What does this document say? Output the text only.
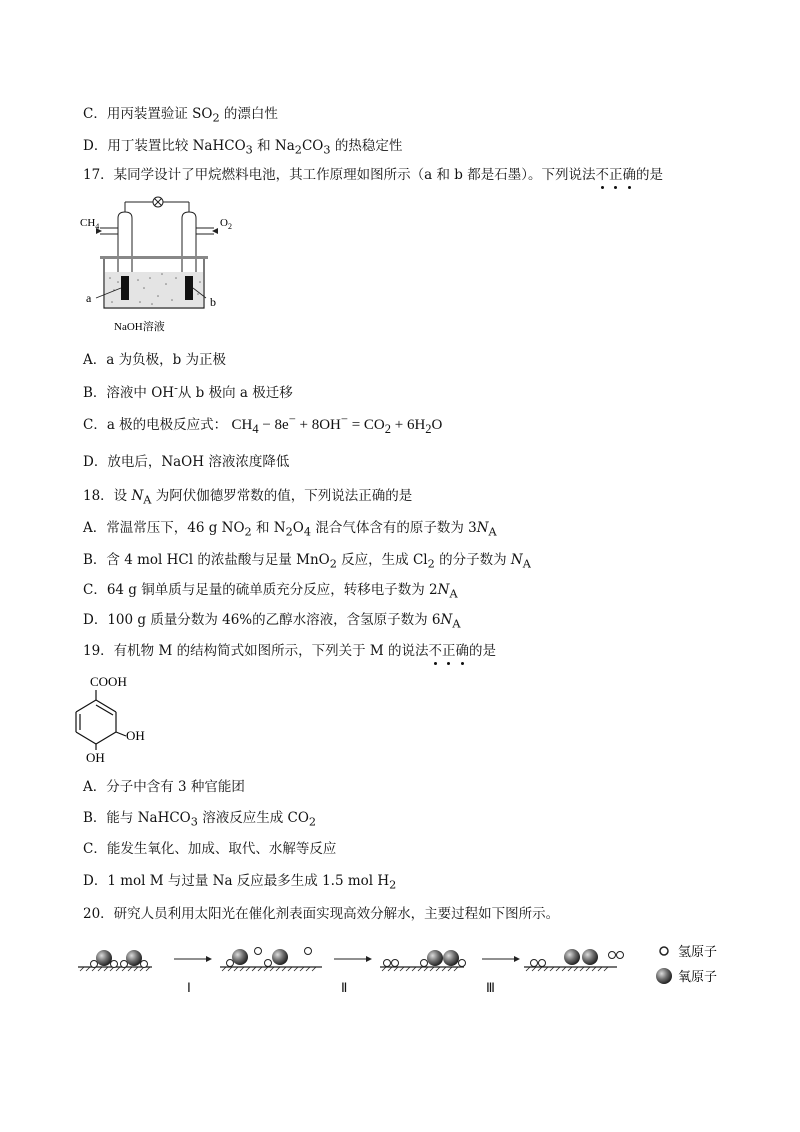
C．用丙装置验证 $SO_2$ 的漂白性
D．用丁装置比较 NaHCO$_3$ 和 $Na_2CO_3$ 的热稳定性
17．某同学设计了甲烷燃料电池，其工作原理如图所示（a 和 b 都是石墨）。下列说法不正确的是
$CH_4$	$O_2$
a	b
NaOH溶液
A．a 为负极，b 为正极
B．溶液中 OH-从 b 极向 a 极迁移
C．a 极的电极反应式： $CH_4 - 8e^- + 8OH^- = CO_2 + 6H_2O$
D．放电后，NaOH 溶液浓度降低
18．设 $N_A$ 为阿伏伽德罗常数的值，下列说法正确的是
A．常温常压下，46 g $NO_2$ 和 $N_2O_4$ 混合气体含有的原子数为 $3N_A$
B．含 4 mol HCl 的浓盐酸与足量 MnO$_2$ 反应，生成 $Cl_2$ 的分子数为 $N_A$
C．64 g 铜单质与足量的硫单质充分反应，转移电子数为 $2N_A$
D．100 g 质量分数为 46%的乙醇水溶液，含氢原子数为 $6N_A$
19．有机物 M 的结构简式如图所示，下列关于 M 的说法不正确的是
COOH
OH
OH
A．分子中含有 3 种官能团
B．能与 NaHCO$_3$ 溶液反应生成 $CO_2$
C．能发生氧化、加成、取代、水解等反应
D．1 mol M 与过量 Na 反应最多生成 1.5 mol $H_2$
20．研究人员利用太阳光在催化剂表面实现高效分解水，主要过程如下图所示。
氢原子
氧原子
Ⅰ	Ⅱ	Ⅲ
